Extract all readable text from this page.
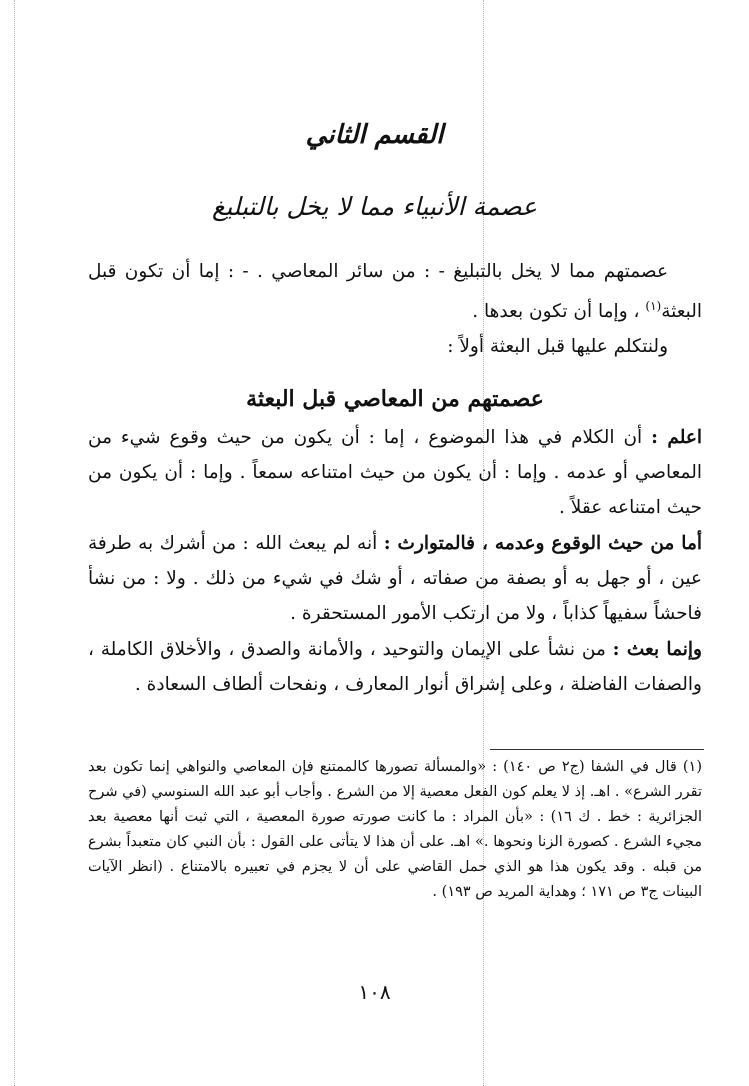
القسم الثاني
عصمة الأنبياء مما لا يخل بالتبليغ

عصمتهم مما لا يخل بالتبليغ - : من سائر المعاصي . - : إما أن تكون قبل البعثة$^{(١)}$ ، وإما أن تكون بعدها .

ولنتكلم عليها قبل البعثة أولاً :

عصمتهم من المعاصي قبل البعثة
اعلم : أن الكلام في هذا الموضوع ، إما : أن يكون من حيث وقوع شيء من المعاصي أو عدمه . وإما : أن يكون من حيث امتناعه سمعاً . وإما : أن يكون من حيث امتناعه عقلاً .
أما من حيث الوقوع وعدمه ، فالمتوارث : أنه لم يبعث الله : من أشرك به طرفة عين ، أو جهل به أو بصفة من صفاته ، أو شك في شيء من ذلك . ولا : من نشأ فاحشاً سفيهاً كذاباً ، ولا من ارتكب الأمور المستحقرة .
وإنما بعث : من نشأ على الإيمان والتوحيد ، والأمانة والصدق ، والأخلاق الكاملة ، والصفات الفاضلة ، وعلى إشراق أنوار المعارف ، ونفحات ألطاف السعادة .
(١) قال في الشفا (ج٢ ص ١٤٠) : «والمسألة تصورها كالممتنع فإن المعاصي والنواهي إنما تكون بعد تقرر الشرع» . اهـ. إذ لا يعلم كون الفعل معصية إلا من الشرع . وأجاب أبو عبد الله السنوسي (في شرح الجزائرية : خط . ك ١٦) : «بأن المراد : ما كانت صورته صورة المعصية ، التي ثبت أنها معصية بعد مجيء الشرع . كصورة الزنا ونحوها .» اهـ. على أن هذا لا يتأتى على القول : بأن النبي كان متعبداً بشرع من قبله . وقد يكون هذا هو الذي حمل القاضي على أن لا يجزم في تعبيره بالامتناع . (انظر الآيات البينات ج٣ ص ١٧١ ؛ وهداية المريد ص ١٩٣) .
١٠٨
